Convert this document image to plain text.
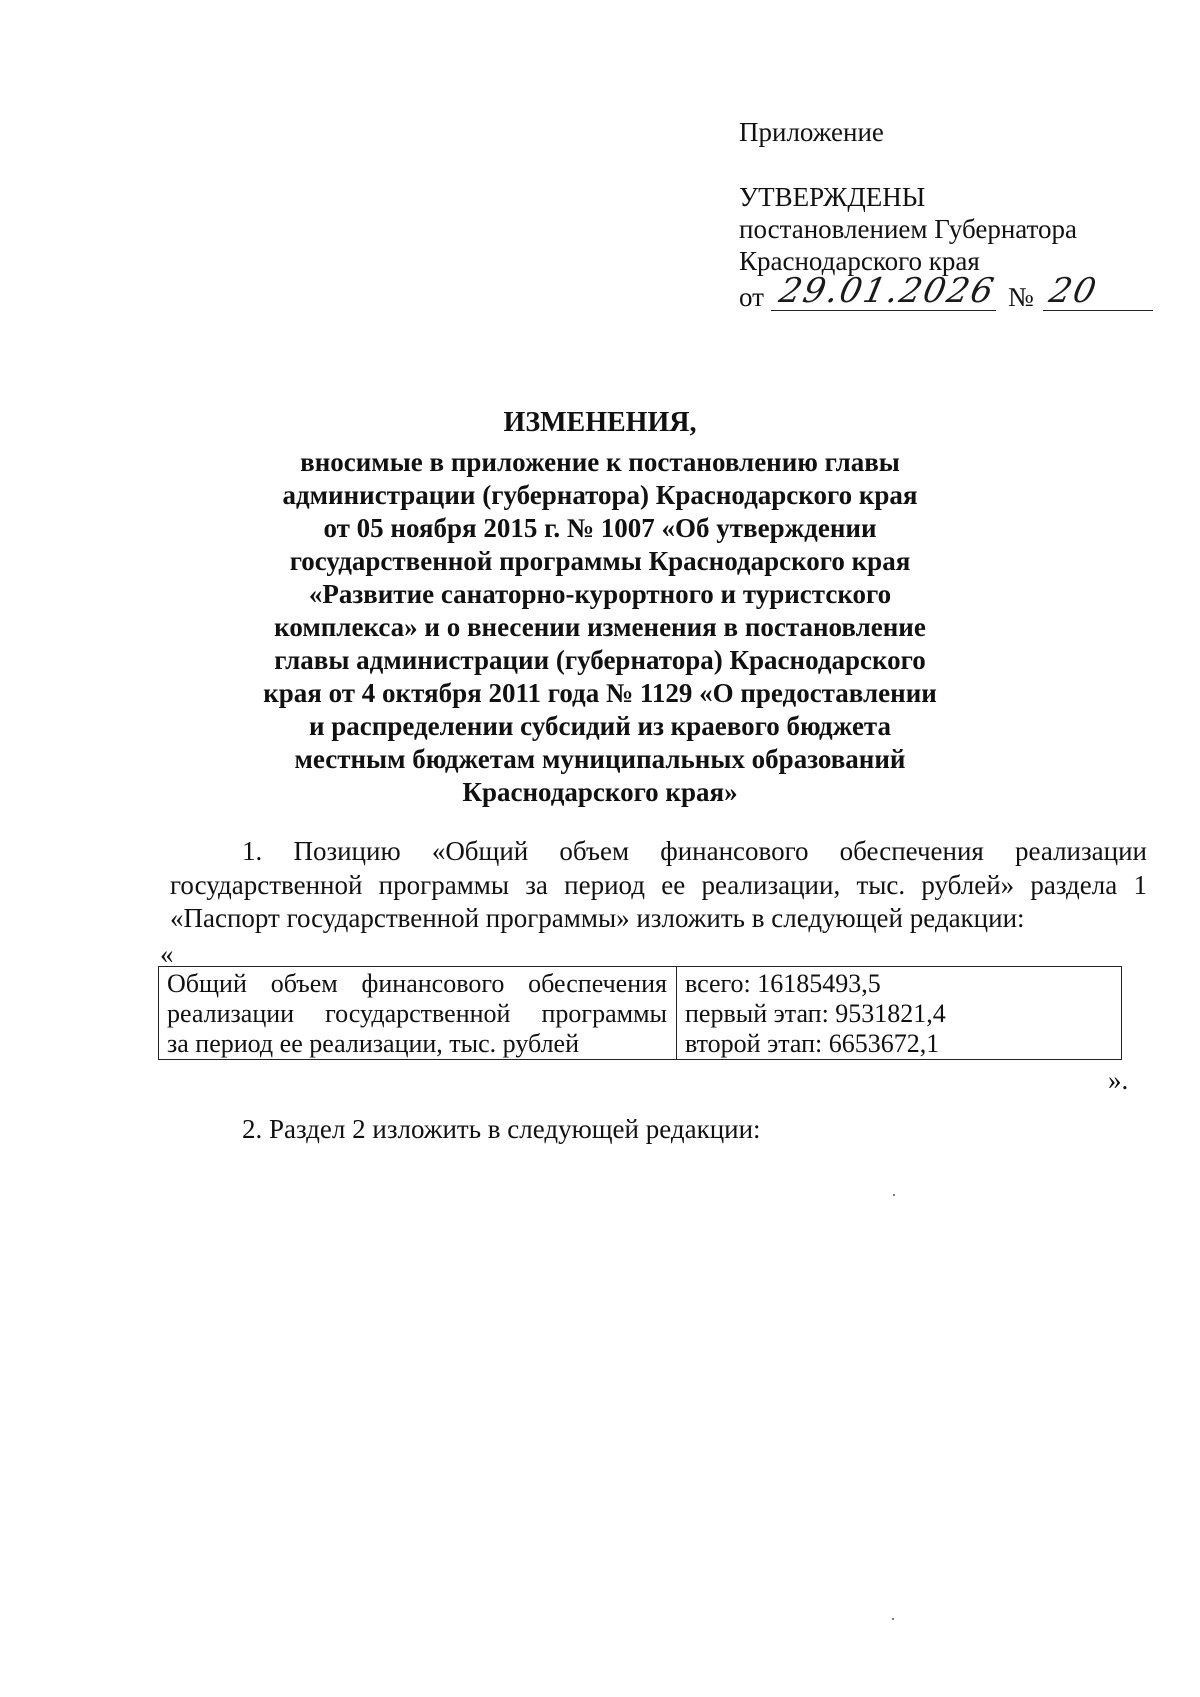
Приложение
УТВЕРЖДЕНЫ
постановлением Губернатора
Краснодарского края
от 29.01.2026 № 20
ИЗМЕНЕНИЯ,
вносимые в приложение к постановлению главы
администрации (губернатора) Краснодарского края
от 05 ноября 2015 г. № 1007 «Об утверждении
государственной программы Краснодарского края
«Развитие санаторно-курортного и туристского
комплекса» и о внесении изменения в постановление
главы администрации (губернатора) Краснодарского
края от 4 октября 2011 года № 1129 «О предоставлении
и распределении субсидий из краевого бюджета
местным бюджетам муниципальных образований
Краснодарского края»
1. Позицию «Общий объем финансового обеспечения реализации
государственной программы за период ее реализации, тыс. рублей» раздела 1
«Паспорт государственной программы» изложить в следующей редакции:
«
Общий объем финансового обеспечения
реализации государственной программы
за период ее реализации, тыс. рублей
всего: 16185493,5
первый этап: 9531821,4
второй этап: 6653672,1
».
2. Раздел 2 изложить в следующей редакции:
